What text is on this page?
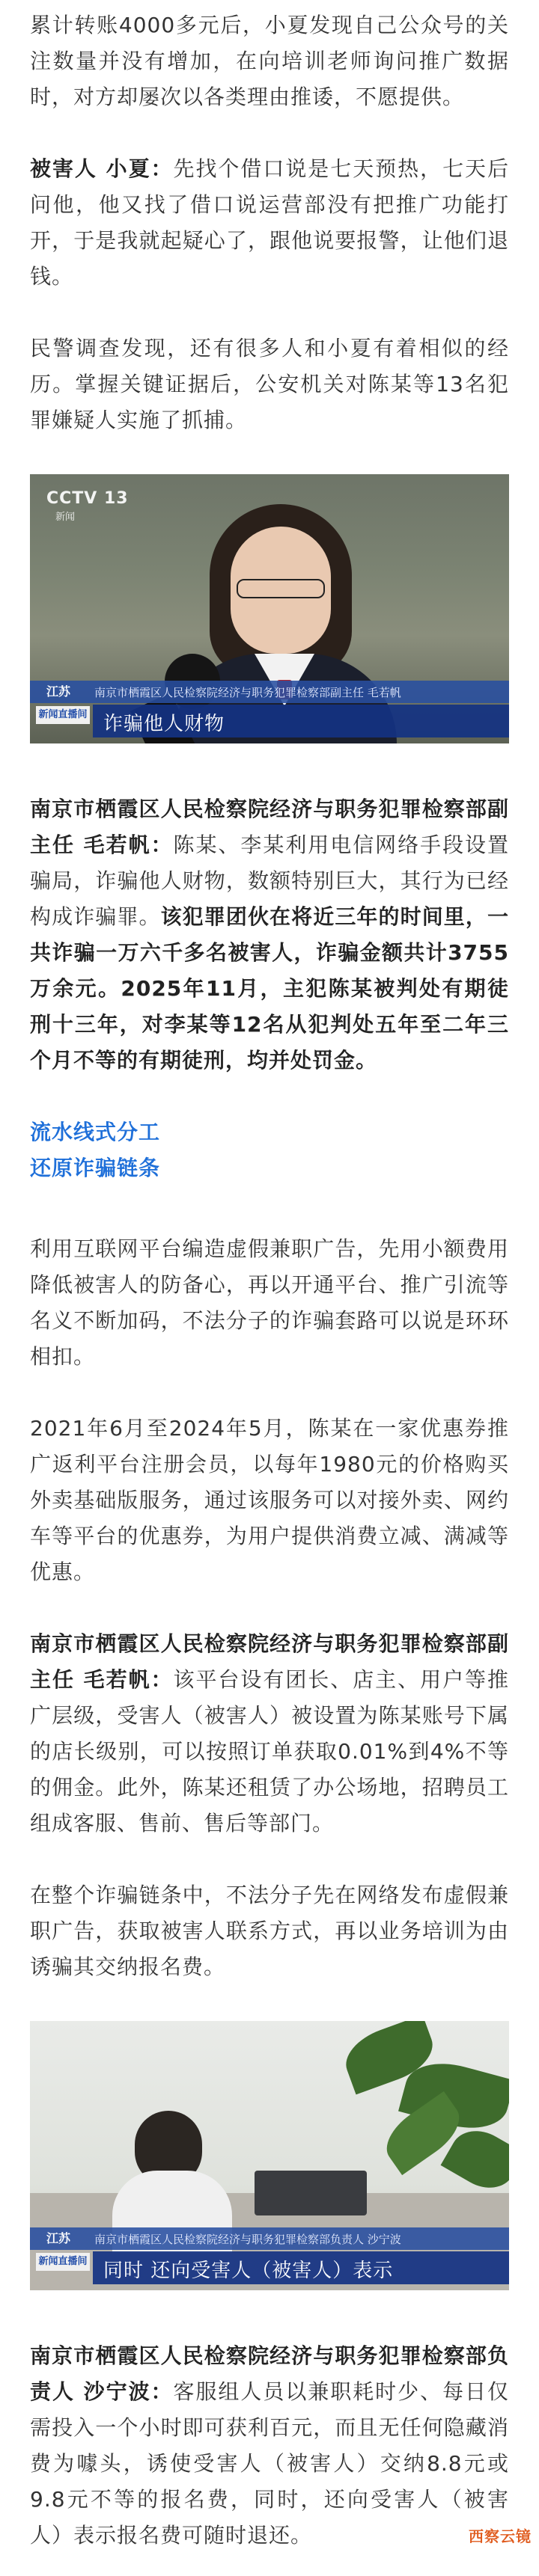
累计转账4000多元后，小夏发现自己公众号的关注数量并没有增加，在向培训老师询问推广数据时，对方却屡次以各类理由推诿，不愿提供。

被害人 小夏：先找个借口说是七天预热，七天后问他，他又找了借口说运营部没有把推广功能打开，于是我就起疑心了，跟他说要报警，让他们退钱。

民警调查发现，还有很多人和小夏有着相似的经历。掌握关键证据后，公安机关对陈某等13名犯罪嫌疑人实施了抓捕。

CCTV 13
新闻
江苏 南京市栖霞区人民检察院经济与职务犯罪检察部副主任 毛若帆
新闻直播间 诈骗他人财物

南京市栖霞区人民检察院经济与职务犯罪检察部副主任 毛若帆：陈某、李某利用电信网络手段设置骗局，诈骗他人财物，数额特别巨大，其行为已经构成诈骗罪。该犯罪团伙在将近三年的时间里，一共诈骗一万六千多名被害人，诈骗金额共计3755万余元。2025年11月，主犯陈某被判处有期徒刑十三年，对李某等12名从犯判处五年至二年三个月不等的有期徒刑，均并处罚金。

流水线式分工
还原诈骗链条

利用互联网平台编造虚假兼职广告，先用小额费用降低被害人的防备心，再以开通平台、推广引流等名义不断加码，不法分子的诈骗套路可以说是环环相扣。

2021年6月至2024年5月，陈某在一家优惠券推广返利平台注册会员，以每年1980元的价格购买外卖基础版服务，通过该服务可以对接外卖、网约车等平台的优惠券，为用户提供消费立减、满减等优惠。

南京市栖霞区人民检察院经济与职务犯罪检察部副主任 毛若帆：该平台设有团长、店主、用户等推广层级，受害人（被害人）被设置为陈某账号下属的店长级别，可以按照订单获取0.01%到4%不等的佣金。此外，陈某还租赁了办公场地，招聘员工组成客服、售前、售后等部门。

在整个诈骗链条中，不法分子先在网络发布虚假兼职广告，获取被害人联系方式，再以业务培训为由诱骗其交纳报名费。

江苏 南京市栖霞区人民检察院经济与职务犯罪检察部负责人 沙宁波
新闻直播间 同时 还向受害人（被害人）表示

南京市栖霞区人民检察院经济与职务犯罪检察部负责人 沙宁波：客服组人员以兼职耗时少、每日仅需投入一个小时即可获利百元，而且无任何隐藏消费为噱头，诱使受害人（被害人）交纳8.8元或9.8元不等的报名费，同时，还向受害人（被害人）表示报名费可随时退还。	西察云镜
